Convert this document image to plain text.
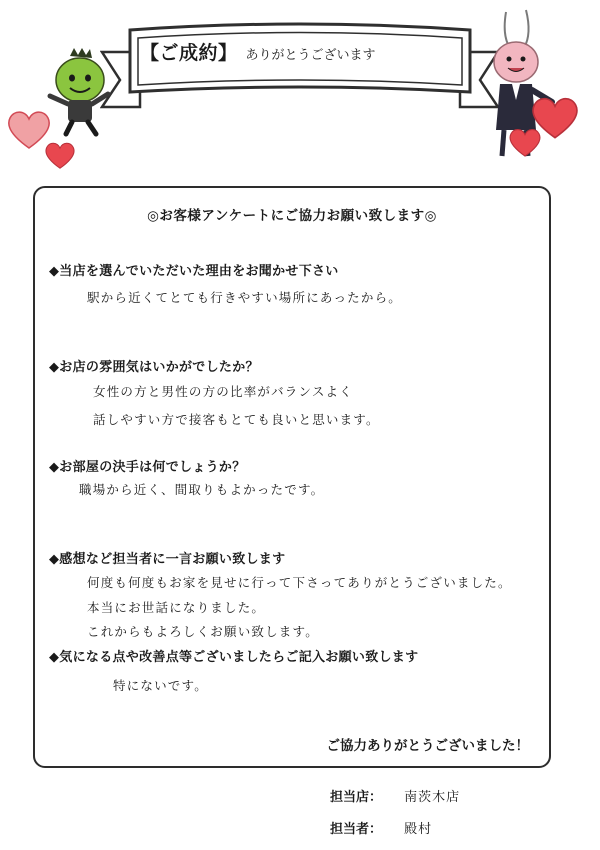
【ご成約】 ありがとうございます
◎お客様アンケートにご協力お願い致します◎
◆当店を選んでいただいた理由をお聞かせ下さい
駅から近くてとても行きやすい場所にあったから。
◆お店の雰囲気はいかがでしたか？
女性の方と男性の方の比率がバランスよく
話しやすい方で接客もとても良いと思います。
◆お部屋の決手は何でしょうか？
職場から近く、間取りもよかったです。
◆感想など担当者に一言お願い致します
何度も何度もお家を見せに行って下さってありがとうございました。
本当にお世話になりました。
これからもよろしくお願い致します。
◆気になる点や改善点等ございましたらご記入お願い致します
特にないです。
ご協力ありがとうございました！
担当店： 南茨木店
担当者： 殿村
